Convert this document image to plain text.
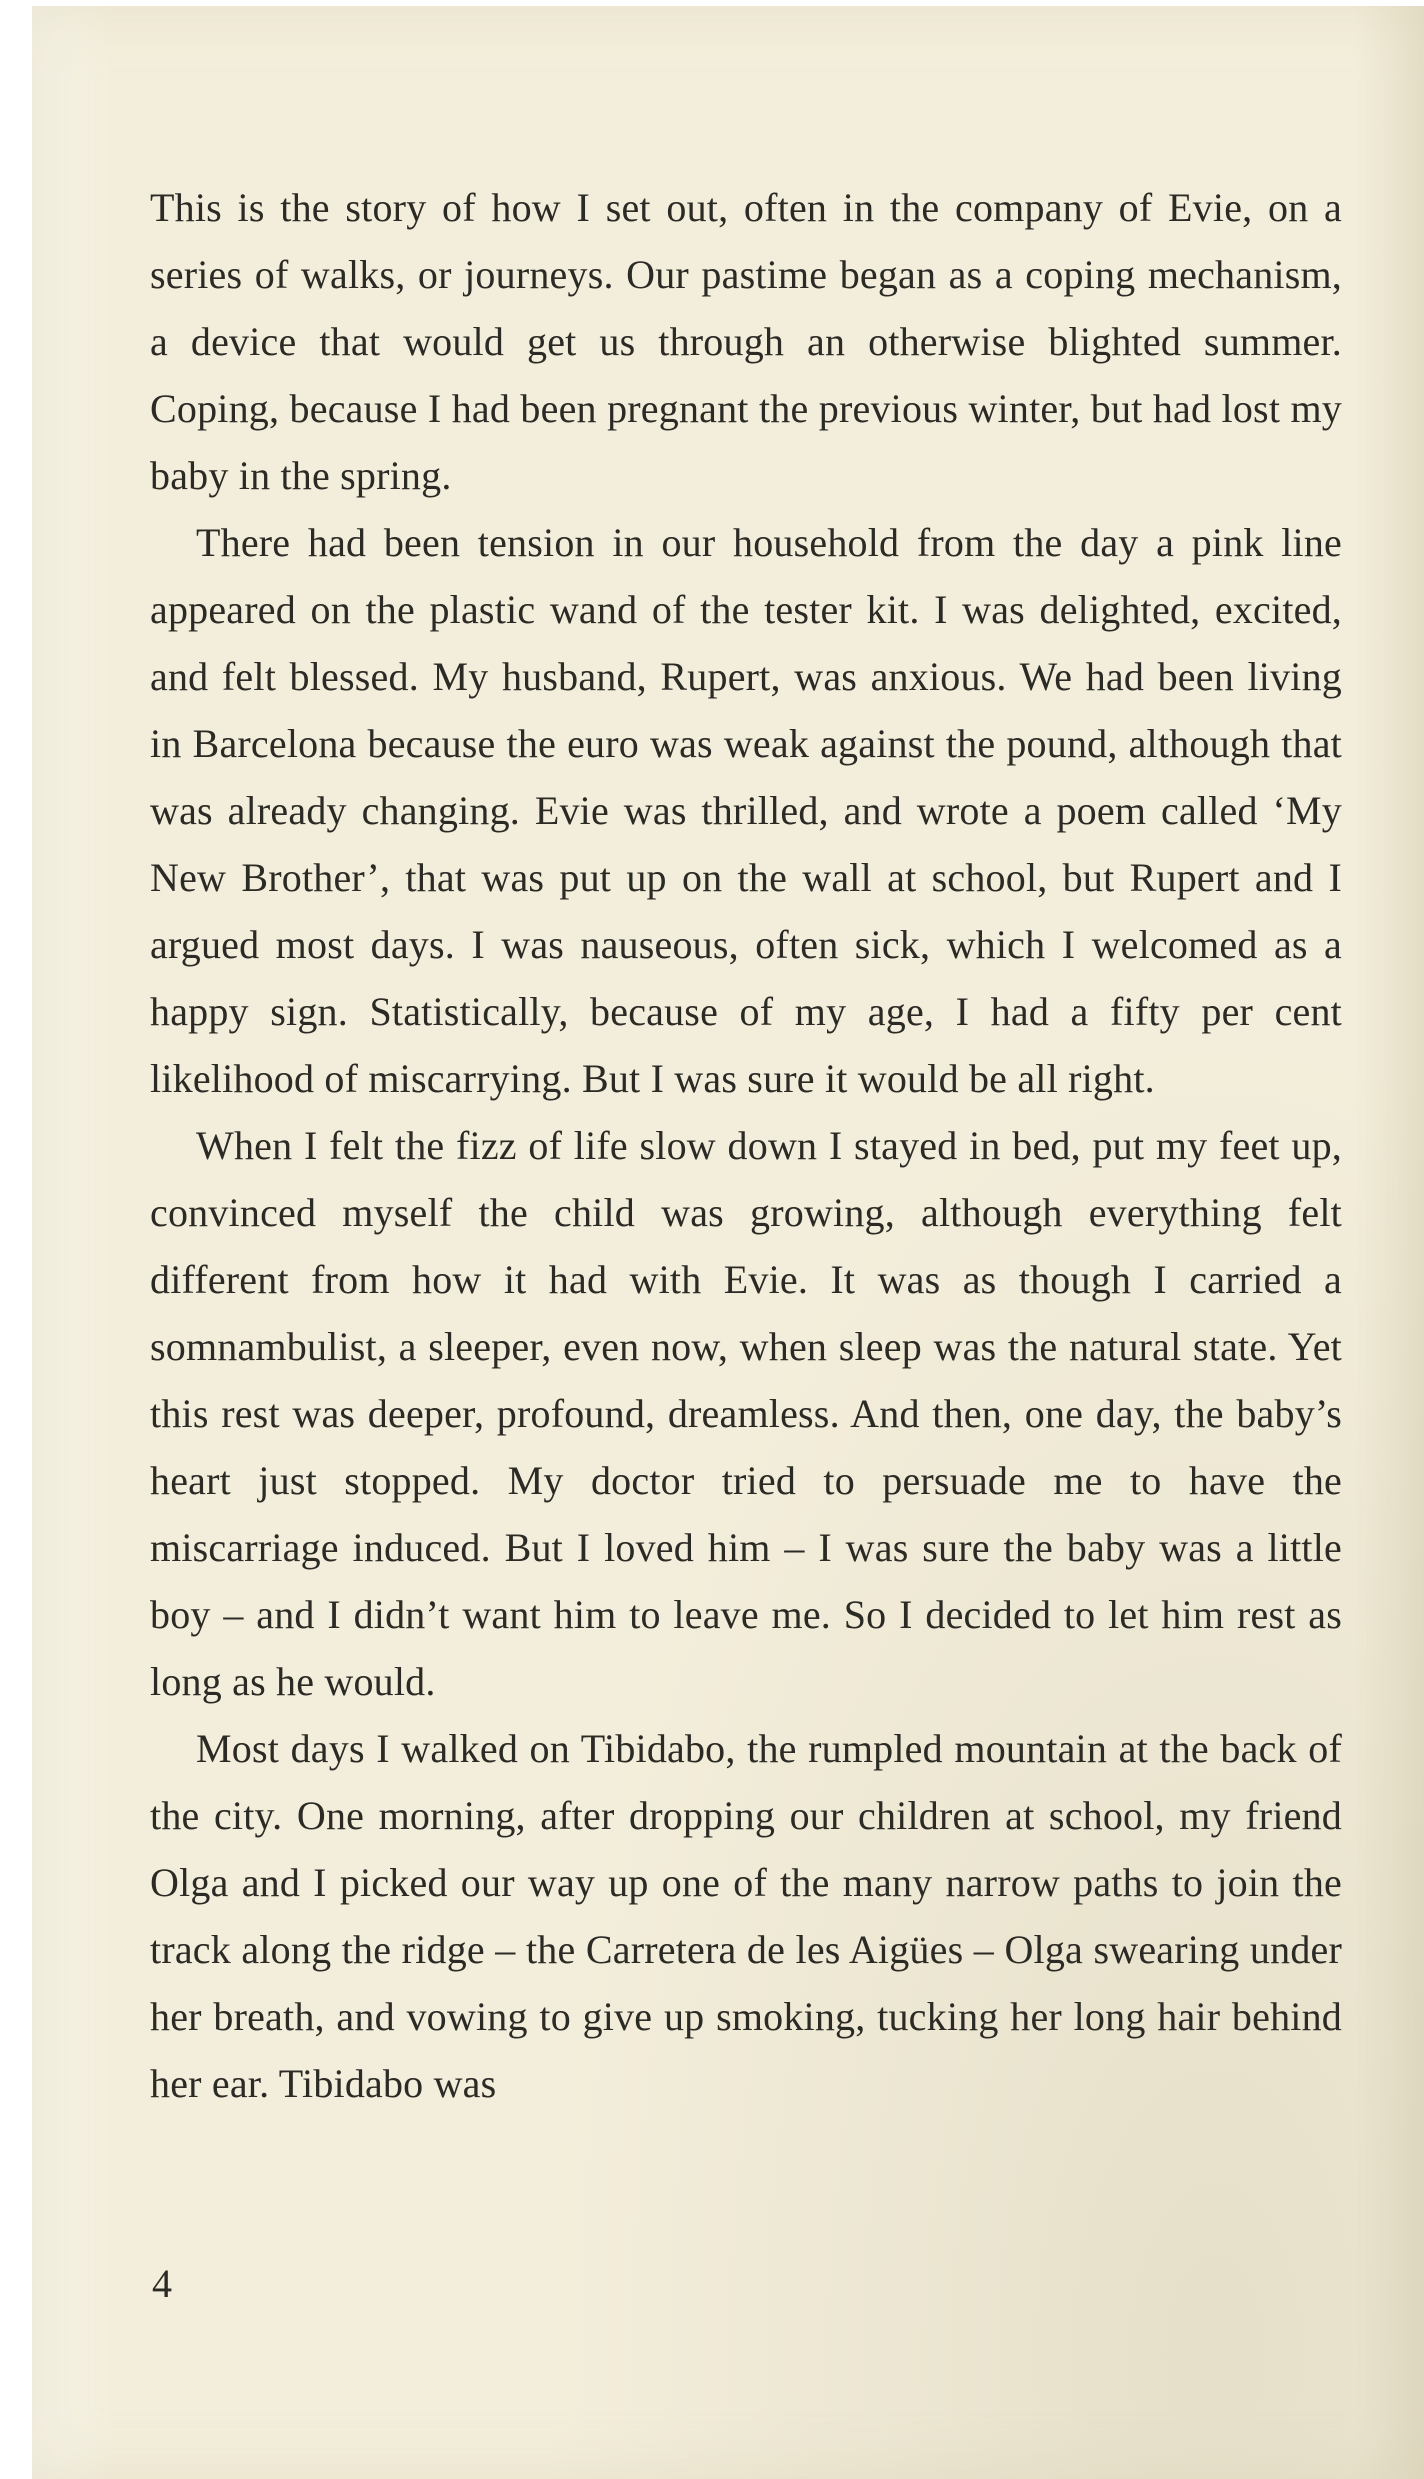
This is the story of how I set out, often in the company of Evie, on a series of walks, or journeys. Our pastime began as a coping mechanism, a device that would get us through an otherwise blighted summer. Coping, because I had been pregnant the previous winter, but had lost my baby in the spring.

There had been tension in our household from the day a pink line appeared on the plastic wand of the tester kit. I was delighted, excited, and felt blessed. My husband, Rupert, was anxious. We had been living in Barcelona because the euro was weak against the pound, although that was already changing. Evie was thrilled, and wrote a poem called ‘My New Brother’, that was put up on the wall at school, but Rupert and I argued most days. I was nauseous, often sick, which I welcomed as a happy sign. Statistically, because of my age, I had a fifty per cent likelihood of miscarrying. But I was sure it would be all right.

When I felt the fizz of life slow down I stayed in bed, put my feet up, convinced myself the child was growing, although everything felt different from how it had with Evie. It was as though I carried a somnambulist, a sleeper, even now, when sleep was the natural state. Yet this rest was deeper, profound, dreamless. And then, one day, the baby’s heart just stopped. My doctor tried to persuade me to have the miscarriage induced. But I loved him – I was sure the baby was a little boy – and I didn’t want him to leave me. So I decided to let him rest as long as he would.

Most days I walked on Tibidabo, the rumpled mountain at the back of the city. One morning, after dropping our children at school, my friend Olga and I picked our way up one of the many narrow paths to join the track along the ridge – the Carretera de les Aigües – Olga swearing under her breath, and vowing to give up smoking, tucking her long hair behind her ear. Tibidabo was

4
